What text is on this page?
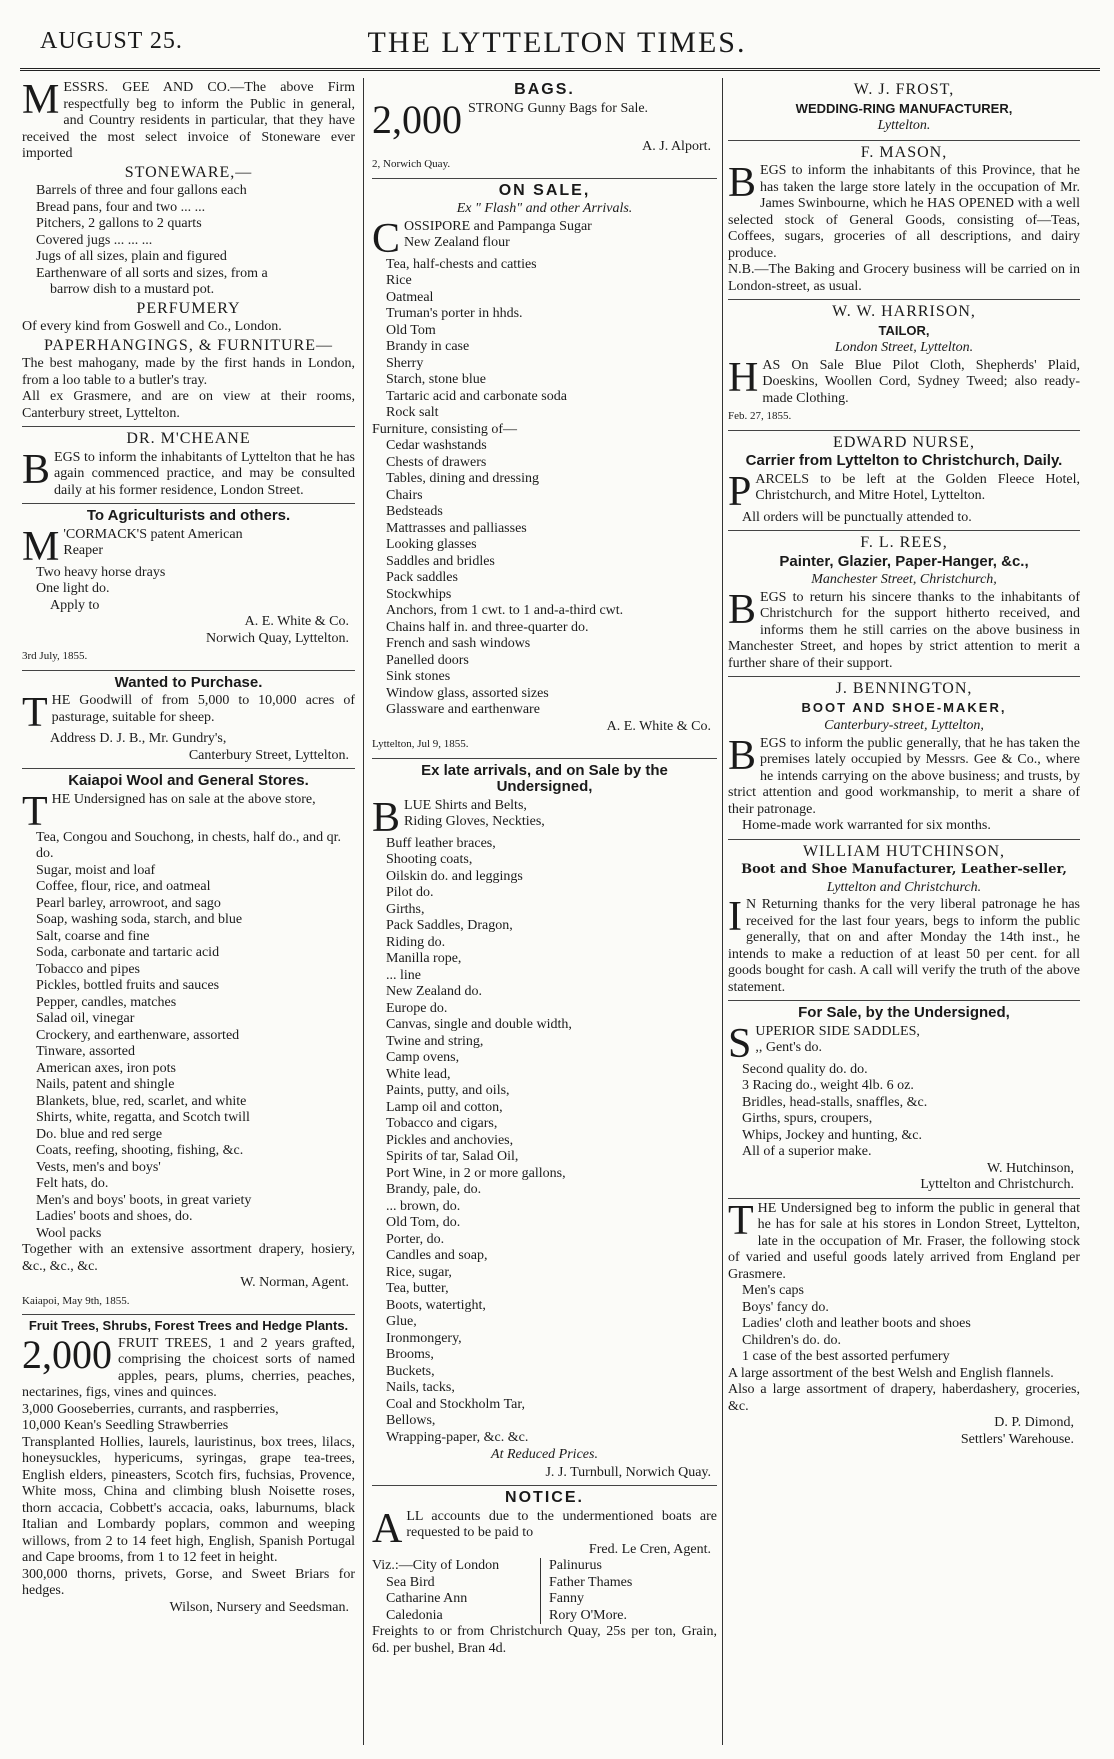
AUGUST 25.	THE LYTTELTON TIMES.

MESSRS. GEE AND CO.—The above Firm respectfully beg to inform the Public in general, and Country residents in particular, that they have received the most select invoice of Stoneware ever imported

STONEWARE,—
Barrels of three and four gallons each
Bread pans, four and two ... ...
Pitchers, 2 gallons to 2 quarts
Covered jugs ... ... ...
Jugs of all sizes, plain and figured
Earthenware of all sorts and sizes, from a
barrow dish to a mustard pot.
PERFUMERY

Of every kind from Goswell and Co., London.

PAPERHANGINGS, & FURNITURE—

The best mahogany, made by the first hands in London, from a loo table to a butler's tray.

All ex Grasmere, and are on view at their rooms, Canterbury street, Lyttelton.

DR. M'CHEANE

BEGS to inform the inhabitants of Lyttelton that he has again commenced practice, and may be consulted daily at his former residence, London Street.

To Agriculturists and others.

M 'CORMACK'S patent American
Reaper

Two heavy horse drays
One light do.
Apply to
A. E. White & Co.
Norwich Quay, Lyttelton.
3rd July, 1855.
Wanted to Purchase.

THE Goodwill of from 5,000 to 10,000 acres of pasturage, suitable for sheep.

Address D. J. B., Mr. Gundry's,
Canterbury Street, Lyttelton.
Kaiapoi Wool and General Stores.

THE Undersigned has on sale at the above store,

Tea, Congou and Souchong, in chests, half do., and qr. do.
Sugar, moist and loaf
Coffee, flour, rice, and oatmeal
Pearl barley, arrowroot, and sago
Soap, washing soda, starch, and blue
Salt, coarse and fine
Soda, carbonate and tartaric acid
Tobacco and pipes
Pickles, bottled fruits and sauces
Pepper, candles, matches
Salad oil, vinegar
Crockery, and earthenware, assorted
Tinware, assorted
American axes, iron pots
Nails, patent and shingle
Blankets, blue, red, scarlet, and white
Shirts, white, regatta, and Scotch twill
Do. blue and red serge
Coats, reefing, shooting, fishing, &c.
Vests, men's and boys'
Felt hats, do.
Men's and boys' boots, in great variety
Ladies' boots and shoes, do.
Wool packs

Together with an extensive assortment drapery, hosiery, &c., &c., &c.

W. Norman, Agent.
Kaiapoi, May 9th, 1855.
Fruit Trees, Shrubs, Forest Trees and Hedge Plants.

2,000 FRUIT TREES, 1 and 2 years grafted, comprising the choicest sorts of named apples, pears, plums, cherries, peaches, nectarines, figs, vines and quinces.

3,000 Gooseberries, currants, and raspberries,

10,000 Kean's Seedling Strawberries

Transplanted Hollies, laurels, lauristinus, box trees, lilacs, honeysuckles, hypericums, syringas, grape tea-trees, English elders, pineasters, Scotch firs, fuchsias, Provence, White moss, China and climbing blush Noisette roses, thorn accacia, Cobbett's accacia, oaks, laburnums, black Italian and Lombardy poplars, common and weeping willows, from 2 to 14 feet high, English, Spanish Portugal and Cape brooms, from 1 to 12 feet in height.

300,000 thorns, privets, Gorse, and Sweet Briars for hedges.

Wilson, Nursery and Seedsman.
BAGS.

2,000 STRONG Gunny Bags for Sale.

A. J. Alport.
2, Norwich Quay.
ON SALE,
Ex " Flash" and other Arrivals.

COSSIPORE and Pampanga Sugar

New Zealand flour
Tea, half-chests and catties
Rice
Oatmeal
Truman's porter in hhds.
Old Tom
Brandy in case
Sherry
Starch, stone blue
Tartaric acid and carbonate soda
Rock salt
Furniture, consisting of—
Cedar washstands
Chests of drawers
Tables, dining and dressing
Chairs
Bedsteads
Mattrasses and palliasses
Looking glasses
Saddles and bridles
Pack saddles
Stockwhips
Anchors, from 1 cwt. to 1 and-a-third cwt.
Chains half in. and three-quarter do.
French and sash windows
Panelled doors
Sink stones
Window glass, assorted sizes
Glassware and earthenware
A. E. White & Co.
Lyttelton, Jul 9, 1855.
Ex late arrivals, and on Sale by the Undersigned,

BLUE Shirts and Belts,

Riding Gloves, Neckties,
Buff leather braces,
Shooting coats,
Oilskin do. and leggings
Pilot do.
Girths,
Pack Saddles, Dragon,
Riding do.
Manilla rope,
... line
New Zealand do.
Europe do.
Canvas, single and double width,
Twine and string,
Camp ovens,
White lead,
Paints, putty, and oils,
Lamp oil and cotton,
Tobacco and cigars,
Pickles and anchovies,
Spirits of tar, Salad Oil,
Port Wine, in 2 or more gallons,
Brandy, pale, do.
... brown, do.
Old Tom, do.
Porter, do.
Candles and soap,
Rice, sugar,
Tea, butter,
Boots, watertight,
Glue,
Ironmongery,
Brooms,
Buckets,
Nails, tacks,
Coal and Stockholm Tar,
Bellows,
Wrapping-paper, &c. &c.
At Reduced Prices.
J. J. Turnbull, Norwich Quay.
NOTICE.

ALL accounts due to the undermentioned boats are requested to be paid to

Fred. Le Cren, Agent.
Viz.:—City of London
Sea Bird
Catharine Ann
Caledonia
Palinurus
Father Thames
Fanny
Rory O'More.

Freights to or from Christchurch Quay, 25s per ton, Grain, 6d. per bushel, Bran 4d.

W. J. FROST,
WEDDING-RING MANUFACTURER,
Lyttelton.
F. MASON,

BEGS to inform the inhabitants of this Province, that he has taken the large store lately in the occupation of Mr. James Swinbourne, which he HAS OPENED with a well selected stock of General Goods, consisting of—Teas, Coffees, sugars, groceries of all descriptions, and dairy produce.

N.B.—The Baking and Grocery business will be carried on in London-street, as usual.

W. W. HARRISON,
TAILOR,
London Street, Lyttelton.

HAS On Sale Blue Pilot Cloth, Shepherds' Plaid, Doeskins, Woollen Cord, Sydney Tweed; also ready-made Clothing.

Feb. 27, 1855.
EDWARD NURSE,
Carrier from Lyttelton to Christchurch, Daily.

PARCELS to be left at the Golden Fleece Hotel, Christchurch, and Mitre Hotel, Lyttelton.

All orders will be punctually attended to.
F. L. REES,
Painter, Glazier, Paper-Hanger, &c.,
Manchester Street, Christchurch,

BEGS to return his sincere thanks to the inhabitants of Christchurch for the support hitherto received, and informs them he still carries on the above business in Manchester Street, and hopes by strict attention to merit a further share of their support.

J. BENNINGTON,
BOOT AND SHOE-MAKER,
Canterbury-street, Lyttelton,

BEGS to inform the public generally, that he has taken the premises lately occupied by Messrs. Gee & Co., where he intends carrying on the above business; and trusts, by strict attention and good workmanship, to merit a share of their patronage.

Home-made work warranted for six months.
WILLIAM HUTCHINSON,
Boot and Shoe Manufacturer, Leather-seller,
Lyttelton and Christchurch.

I N Returning thanks for the very liberal patronage he has received for the last four years, begs to inform the public generally, that on and after Monday the 14th inst., he intends to make a reduction of at least 50 per cent. for all goods bought for cash. A call will verify the truth of the above statement.

For Sale, by the Undersigned,

SUPERIOR SIDE SADDLES,

,, Gent's do.
Second quality do. do.
3 Racing do., weight 4lb. 6 oz.
Bridles, head-stalls, snaffles, &c.
Girths, spurs, croupers,
Whips, Jockey and hunting, &c.
All of a superior make.
W. Hutchinson,
Lyttelton and Christchurch.

THE Undersigned beg to inform the public in general that he has for sale at his stores in London Street, Lyttelton, late in the occupation of Mr. Fraser, the following stock of varied and useful goods lately arrived from England per Grasmere.

Men's caps
Boys' fancy do.
Ladies' cloth and leather boots and shoes
Children's do. do.
1 case of the best assorted perfumery

A large assortment of the best Welsh and English flannels.

Also a large assortment of drapery, haberdashery, groceries, &c.

D. P. Dimond,
Settlers' Warehouse.
